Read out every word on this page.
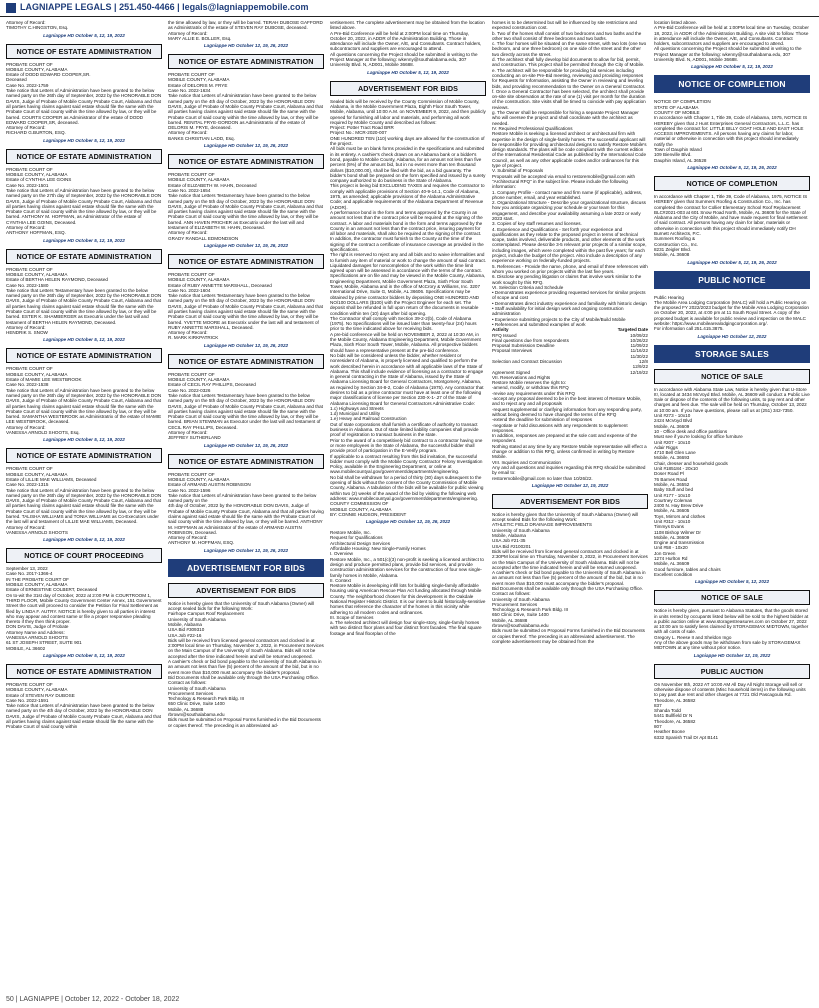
LAGNIAPPE LEGALS | 251.450-4466 | legals@lagniappemobile.com

Attorney of Record:

TIMOTHY C.HINGSTON, Esq.

Lagniappe HD October 5, 12, 19, 2022
NOTICE OF ESTATE ADMINISTRATION

PROBATE COURT OF

MOBILE COUNTY, ALABAMA

Estate of DODD EDWARD COOPER,SR.

Deceased

Case No. 2022-1759

Take notice that Letters of Administration have been granted to the below named party on the 26th day of September, 2022 by the HONORABLE DON DAVIS, Judge of Probate of Mobile County Probate Court, Alabama and that all parties having claims against said estate should file the same with the Probate Court of said county within the time allowed by law, or they will be barred. COURTS COOPER as Administrator of the estate of DODD EDWARD COOPER,SR, deceased.

Attorney of Record:

RICHARD G.BURTON, ESQ.

Lagniappe HD October 5, 12, 19, 2022
NOTICE OF ESTATE ADMINISTRATION

PROBATE COURT OF

MOBILE COUNTY, ALABAMA

Estate of CYNTHIA LEE GOINS

Case No. 2022-1501

Take notice that Letters of Administration have been granted to the below named party on the 27th day of September, 2022 by the HONORABLE DON DAVIS, Judge of Probate of Mobile County Probate Court, Alabama and that all parties having claims against said estate should file the same with the Probate Court of said county within the time allowed by law, or they will be barred. ANTHONY M. HOFFMAN, as Administrator of the estate of CYNTHIA LEE GOINS, Deceased.

Attorney of Record:

ANTHONY HOFFMAN, ESQ.

Lagniappe HD October 5, 12, 19, 2022
NOTICE OF ESTATE ADMINISTRATION

PROBATE COURT OF

MOBILE COUNTY, ALABAMA

Estate of BERTHA HELEN RAYMOND, Deceased

Case No. 2022-1580

Take notice that Letters Testamentary have been granted to the below named party on the 26th day of September, 2022 by the HONORABLE DON DAVIS, Judge of Probate of Mobile County Probate Court, Alabama and that all parties having claims against said estate should file the same with the Probate Court of said county within the time allowed by law, or they will be barred. ESTER K. SHAMBERGER as Executrix under the last will and testament of BERTHA HELEN RAYMOND, Deceased.

Attorney of Record:

HENDRIK S. SNOW

Lagniappe HD October 5, 12, 19, 2022
NOTICE OF ESTATE ADMINISTRATION

PROBATE COURT OF

MOBILE COUNTY, ALABAMA

Estate of MAMIE LEE WESTBROOK

Case No. 2022-1538

Take notice that Letters of Administration have been granted to the below named party on the 26th day of September, 2022 by the HONORABLE DON DAVIS, Judge of Probate of Mobile County Probate Court, Alabama and that all parties having claims against said estate should file the same with the Probate Court of said county within the time allowed by law, or they will be barred. SAMANTHA WESTBROOK as Administratrix of the estate of MAMIE LEE WESTBROOK, deceased.

Attorney of Record:

VANESSA ARNOLD SHOOTS, Esq.

Lagniappe HD October 5, 12, 19, 2022
NOTICE OF ESTATE ADMINISTRATION

PROBATE COURT OF

MOBILE COUNTY, ALABAMA

Estate of LILLIE MAE WILLIAMS, Deceased

Case No. 2022-1315

Take notice that Letters of Administration have been granted to the below named party on the 26th day of September, 2022 by the HONORABLE DON DAVIS, Judge of Probate of Mobile County Probate Court, Alabama and that all parties having claims against said estate should file the same with the Probate Court of said county within the time allowed by law, or they will be barred. TALISHA WILLIAMS and TONIA WILLIAMS as Co-Executors under the last will and testament of LILLIE MAE WILLIAMS, Deceased.

Attorney of Record:

VANESSA ARNOLD SHOOTS

Lagniappe HD October 5, 12, 19, 2022
NOTICE OF COURT PROCEEDING

September 13, 2022

Case No. 2017-1366-4

IN THE PROBATE COURT OF

MOBILE COUNTY, ALABAMA

Estate of ERNESTINE COLBERT, Deceased

On to-wit the 31st day of October, 2022 at 2:00 PM in COURTROOM 1, THIRD FLOOR, Mobile County Government Center Annex, 151 Government Street the court will proceed to consider the Petition for Final Settlement as filed by LINDA F. AUTRY. NOTICE is hereby given to all parties in interest who may appear and contest same or file a proper responsive pleading thereto if they then think proper.

DON DAVIS, Judge of Probate

Attorney Name and Address:

VANESSA ARNOLD SHOOTS

61 ST JOSEPH STREET, SUITE 901

MOBILE, AL 36602

Lagniappe HD October 5, 12, 19, 2022
NOTICE OF ESTATE ADMINISTRATION

PROBATE COURT OF

MOBILE COUNTY, ALABAMA

Estate of STEVEN RAY DUBOSE

Case No. 2022-1591

Take notice that Letters of Administration have been granted to the below named party on the 4th day of October, 2022 by the HONORABLE DON DAVIS, Judge of Probate of Mobile County Probate Court, Alabama and that all parties having claims against said estate should file the same with the Probate Court of said county within

the time allowed by law, or they will be barred. TERAH DUBOSE GAFFORD as Administratrix of the estate of STEVEN RAY DUBOSE, deceased.

Attorney of Record:

MARY ALLIE E. BOLLER, Esq.

Lagniappe HD October 12, 19, 26, 2022
NOTICE OF ESTATE ADMINISTRATION

PROBATE COURT OF

MOBILE COUNTY, ALABAMA

Estate of DELORIS M. FRYE

Case No. 2022-1634

Take notice that Letters of Administration have been granted to the below named party on the 4th day of October, 2022 by the HONORABLE DON DAVIS, Judge of Probate of Mobile County Probate Court, Alabama and that all parties having claims against said estate should file the same with the Probate Court of said county within the time allowed by law, or they will be barred. RENITAL FRYE-GORDON as Administratrix of the estate of DELORIS M. FRYE, deceased.

Attorney of Record:

BANKS CHRISTIAN LADD, Esq.

Lagniappe HD October 12, 19, 26, 2022
NOTICE OF ESTATE ADMINISTRATION

PROBATE COURT OF

MOBILE COUNTY, ALABAMA

Estate of ELIZABETH W. HAHN, Deceased

Case No. 2022-1654

Take notice that Letters Testamentary have been granted to the below named party on the 5th day of October, 2022 by the HONORABLE DON DAVIS, Judge of Probate of Mobile County Probate Court, Alabama and that all parties having claims against said estate should file the same with the Probate Court of said county within the time allowed by law, or they will be barred. ANN HAVEN PRICHER as Executrix under the last will and testament of ELIZABETH W. HAHN, Deceased.

Attorney of Record:

GRADY RANDALL EDMONDSON

Lagniappe HD October 12, 19, 26, 2022
NOTICE OF ESTATE ADMINISTRATION

PROBATE COURT OF

MOBILE COUNTY, ALABAMA

Estate of RUBY ANNETTE MARSHALL, Deceased

Case No. 2022-1604

Take notice that Letters Testamentary have been granted to the below named party on the 5th day of October, 2022 by the HONORABLE DON DAVIS, Judge of Probate of Mobile County Probate Court, Alabama and that all parties having claims against said estate should file the same with the Probate Court of said county within the time allowed by law, or they will be barred. YVETTE MOORE as Executrix under the last will and testament of RUBY ANNETTE MARSHALL, Deceased.

Attorney of Record:

R. MARK KIRKPATRICK

Lagniappe HD October 12, 19, 26, 2022
NOTICE OF ESTATE ADMINISTRATION

PROBATE COURT OF

MOBILE COUNTY, ALABAMA

Estate of CECIL RAY PHILLIPS, Deceased

Case No. 2022-0326

Take notice that Letters Testamentary have been granted to the below named party on the 5th day of October, 2022 by the HONORABLE DON DAVIS, Judge of Probate of Mobile County Probate Court, Alabama and that all parties having claims against said estate should file the same with the Probate Court of said county within the time allowed by law, or they will be barred. BRIAN STEWMAN as Executor under the last will and testament of CECIL RAY PHILLIPS, Deceased.

Attorney of Record:

JEFFREY SUTHERLAND

Lagniappe HD October 12, 19, 26, 2022
NOTICE OF ESTATE ADMINISTRATION

PROBATE COURT OF

MOBILE COUNTY, ALABAMA

Estate of ARMAND AUSTIN ROBINSON

Case No. 2022-1596

Take notice that Letters of Administration have been granted to the below named party on the

4th day of October, 2022 by the HONORABLE DON DAVIS, Judge of Probate of Mobile County Probate Court, Alabama and that all parties having claims against said estate should file the same with the Probate Court of said county within the time allowed by law, or they will be barred. ANTHONY M. HOFFMAN as Administrator of the estate of ARMAND AUSTIN ROBINSON, Deceased.

Attorney of Record:

ANTHONY M. HOFFMAN, ESQ.

Lagniappe HD October 12, 19, 26, 2022
ADVERTISEMENT FOR BIDS
ADVERTISEMENT FOR BIDS

Notice is hereby given that the University of South Alabama (Owner) will accept sealed bids for the following Work:

Fairhope Campus Roof Replacement

University of South Alabama

Mobile, Alabama

USA Bid #309310

USA Job #22-16

Bids will be received from licensed general contractors and clocked in at 2:00PM local time on Thursday, November 3, 2022, in Procurement Services on the Main Campus of the University of South Alabama. Bids will not be accepted after the time indicated herein and will be returned unopened.

A cashier's check or bid bond payable to the University of South Alabama in an amount not less than five (5) percent of the amount of the bid, but in no event more than $10,000 must accompany the bidder's proposal.

Bid Documents shall be available only through the USA Purchasing Office. Contact as follows:

University of South Alabama

Procurement Services

Technology & Research Park Bldg. III

650 Clinic Drive, Suite 1400

Mobile, AL 36688

rbrown@southalabama.edu

Bids must be submitted on Proposal Forms furnished in the Bid Documents or copies thereof. The preceding is an abbreviated ad-

vertisement. The complete advertisement may be obtained from the location listed above.

A Pre-Bid Conference will be held at 2:00PM local time on Thursday, October 20, 2022, in ADDR of the Administration Building. Those in attendance will include the Owner, A/E, and Consultants. Contract holders, subcontractors and suppliers are encouraged to attend.

All questions concerning the Project should be submitted in writing to the Project Manager at the following: wkenny@southalabama.edu, 307 University Blvd. N, AD001, Mobile 36688.

Lagniappe HD October 5, 12, 19, 2022
ADVERTISEMENT FOR BIDS

Sealed bids will be received by the County Commission of Mobile County, Alabama, in the Mobile Government Plaza, Eighth Floor South Tower, Mobile, Alabama, until 10:00 A.M. on NOVEMBER 9, 2022, and then publicly opened for furnishing all labor and materials, and performing all work required by Mobile County and described as follows:

Project: Potter Tract Road BRR

Project No.: MCR-2020-007

ONE HUNDRED TEN (110) working days are allowed for the construction of the project.

All bids must be on blank forms provided in the specifications and submitted in its entirety. A cashier's check drawn on an Alabama bank or a bidder's bond, payable to Mobile County, Alabama, for an amount not less than five percent (5%) of the amount bid, but in no event more than ten thousand dollars ($10,000.00), shall be filed with the bid, as a bid guaranty. The bidder's bond shall be prepared on the form specified and issued by a surety company authorized to do business in the State of Alabama.

This project is being bid EXCLUDING TAXES and requires the Contractor to comply with applicable provisions of Section 40-9-14.1, Code of Alabama, 1975, as amended; applicable provisions of the Alabama Administrative Code; and applicable requirements of the Alabama Department of Revenue (ADOR).

A performance bond in the form and terms approved by the County in an amount not less than the contract price will be required at the signing of the contract. A labor and materials bond in the form and terms approved by the County in an amount not less than the contract price, insuring payment for all labor and materials, shall also be required at the signing of the contract. In addition, the contractor must furnish to the County at the time of the signing of the contract a certificate of insurance coverage as provided in the specifications.

The right is reserved to reject any and all bids and to waive informalities and to furnish any item of material or work to change the amount of said contract.

Liquidated damages for noncompletion of the work within the time limit agreed upon will be assessed in accordance with the terms of the contract.

Specifications are on file and may be viewed in the Mobile County, Alabama, Engineering Department, Mobile Government Plaza, Sixth Floor South Tower, Mobile, Alabama and in the office of McCrory & Williams, Inc. 3207 International Drive, Suite G, Mobile, AL 36606. Specifications may be obtained by prime contractor bidders by depositing ONE HUNDRED AND NO/100 DOLLARS ($100) with the Project Engineer for each set. The deposit shall be refunded in full upon return of the documents in reusable condition within ten (10) days after bid opening.

The Contractor shall comply with Section 39-2-2(b), Code of Alabama (1975). No Specifications will be issued later than twenty-four (24) hours prior to the time indicated above for receiving bids.

A pre-bid conference will be held on NOVEMBER 2, 2022 at 10:30 AM, in the Mobile County, Alabama Engineering Department, Mobile Government Plaza, Sixth Floor South Tower, Mobile, Alabama. All prospective bidders should have a representative present at the pre-bid conference.

No bids will be considered unless the bidder, whether resident or nonresident of Alabama, is properly licensed and qualified to perform the work described herein in accordance with all applicable laws of the State of Alabama. This shall include evidence of licensing as a contractor to engage in general contracting in the State of Alabama, issued by the State of Alabama Licensing Board for General Contractors, Montgomery, Alabama, as required by Section 34-8-2, Code of Alabama (1975). Any contractor that desires to bid as a prime contractor must have at least one of the following major classifications of license per Section 230-X-1-.27 of the State of Alabama Licensing Board for General Contractors Administrative Code:

1.c) Highways and Streets

1.d) Municipal and Utility

1.e) Heavy and Railroad Construction

Out of state corporations shall furnish a certificate of authority to transact business in Alabama. Out of state limited liability companies shall provide proof of registration to transact business in the state.

Prior to the award of a competitively bid contract to a contractor having one or more employees in the State of Alabama, the successful bidder shall provide proof of participation in the E-Verify program.

If applicable to a contract resulting from this bid invitation, the successful bidder must comply with the Mobile County Contractor Felony Investigation Policy, available in the Engineering Department, or online at www.mobilecountyal.gov/government/departments/engineering.

No bid shall be withdrawn for a period of thirty (30) days subsequent to the opening of bids without the consent of the County Commission of Mobile County, Alabama. A tabulation of the bids will be available for public viewing within two (2) weeks of the award of the bid by visiting the following web address: www.mobilecountyal.gov/government/departments/engineering.

COUNTY COMMISSION OF

MOBILE COUNTY, ALABAMA

BY: CONNIE HUDSON, PRESIDENT

Lagniappe HD October 12, 19, 26, 2022

Restore Mobile, Inc.

Request for Qualifications

Architectural Design Services

Affordable Housing: New Single-Family Homes

I. Overview

Restore Mobile, Inc., a 501(c)(3) non-profit is seeking a licensed architect to design and produce permitted plans, provide bid services, and provide construction administration services for the construction of four new single-family homes in Mobile, Alabama.

II. Context

Restore Mobile is developing infill lots for building single-family affordable housing using American Rescue Plan Act funding allocated through Mobile County. The neighborhood chosen for this development is the Oakdale National Register Historic District. It is our intent to build historically-sensitive homes that reference the character of the homes in this vicinity while adhering to all modern codes and ordinances.

III. Scope of Services

a. The selected architect will design four single-story, single-family homes with two distinct floor plans and four distinct front facades. The final square footage and final floorplan of the

homes is to be determined but will be influenced by site restrictions and expected construction cost.

b. Two of the homes shall consist of two bedrooms and two baths and the other two shall consist of three bedrooms and two baths.

c. The four homes will be situated on the same street, with two lots (one two bedroom, and one three bedroom) on one side of the street and the other two directly across the street.

d. The architect shall fully develop bid documents to allow for bid, permit, and construction. This project shall be permitted through the City of Mobile.

e. The architect will be responsible for providing bid services including conducting an on-site Pre-Bid meeting, reviewing and providing responses for Requests for Information, assisting the Owner in reviewing and leveling bids, and providing recommendation to the Owner on a General Contractor.

f. Once a General Contractor has been selected, the architect shall provide on-site site observation at the rate of one (1) visit per month for the duration of the construction. Site visits shall be timed to coincide with pay application reviews.

g. The Owner shall be responsible for hiring a separate Project Manager who will oversee the project and shall coordinate with the architect as needed.

IV. Required Professional Qualifications

Restore Mobile is seeking a licensed architect or architectural firm with expertise in the design of single-family homes. The successful applicant will be responsible for providing architectural designs to satisfy Restore Mobile's design standards. The plans will be code compliant with the current edition of the International Residential Code as published by the International Code Council, as well as any other applicable codes and/or ordinances for this type of project.

V. Submittal of Proposals

Proposals will be accepted via email to restoremobile@gmail.com with "Architectural RFQ" in the subject line. Please include the following information:

1. Company Profile - contact name and firm name (if applicable), address, phone number, email, and year established.

2. Organizational Structure - Describe your organizational structure, discuss how you anticipate organizing your schedule or your team for this engagement, and describe your availability assuming a late 2022 or early 2023 start.

3. Copies of key staff resumes and licenses.

4. Experience and Qualifications - Set forth your experience and qualifications as they relate to the proposed project in terms of technical scope, tasks involved, deliverable products, and other elements of the work contemplated. Please describe 3-5 relevant prior projects of a similar scope, including images, which were completed within the past five years; for each project, include the budget of the project. Also include a description of any experience working on federally-funded projects.

5. References - Provide the name, phone, and email of three references with whom you worked on prior projects within the last five years.

6. Disclose any pending litigation or claims that involve work similar to the work sought by this RFQ.

VI. Selection Criteria and Schedule

• Demonstrates experience providing requested services for similar projects of scope and cost

• Demonstrates direct industry experience and familiarity with historic design

• Staff availability for initial design work and ongoing construction administration

• Experience submitting projects to the City of Mobile/Build Mobile

• References and submitted examples of work

Activity	Targeted Date
RFQ Issued	10/09/22
Final questions due from respondents	10/26/22
Proposal Submission Deadline	11/09/22
Proposal Interviews	11/16/22
	11/30/22
Selection and Contract Discussion	12/8
	12/9/22
Agreement Signed	12/19/22

VII. Reservations and Rights

Restore Mobile reserves the right to:

-amend, modify, or withdraw this RFQ

-revise any requirements under this RFQ

-accept any proposal deemed to be in the best interest of Restore Mobile, and to reject any and all proposals

-request supplemental or clarifying information from any responding party, without being deemed to have changed the terms of the RFQ

-extend the deadline for submission of responses

-negotiate or hold discussions with any respondents to supplement responses.

In addition, responses are prepared at the sole cost and expense of the respondent.

Nothing stated at any time by any Restore Mobile representative will effect a change or addition to this RFQ, unless confirmed in writing by Restore Mobile.

VIII. Inquiries and Communication

Any and all questions and inquiries regarding this RFQ should be submitted by email to:

restoremobile@gmail.com no later than 10/26/22.

Lagniappe HD October 12, 19, 2022
ADVERTISEMENT FOR BIDS

Notice is hereby given that the University of South Alabama (Owner) will accept sealed Bids for the following Work:

ATHLETIC FIELD DRAINAGE IMPROVEMENTS

University of South Alabama

Mobile, Alabama

USA Job #21-35

USA Bid #2100201

Bids will be received from licensed general contractors and clocked in at 2:30PM local time on Thursday, November 3, 2022, in Procurement Services on the Main Campus of the University of South Alabama. Bids will not be accepted after the time indicated herein and will be returned unopened.

A cashier's check or bid bond payable to the University of South Alabama in an amount not less than five (5) percent of the amount of the bid, but in no event more than $10,000 must accompany the bidder's proposal.

Bid Documents shall be available only through the USA Purchasing Office. Contact as follows:

University of South Alabama

Procurement Services

Technology & Research Park Bldg. III

650 Clinic Drive, Suite 1400

Mobile, AL 36688

rbrown@southalabama.edu

Bids must be submitted on Proposal Forms furnished in the Bid Documents or copies thereof. The preceding is an abbreviated advertisement. The complete advertisement may be obtained from the

location listed above.

A Pre-Bid Conference will be held at 1:00PM local time on Tuesday, October 18, 2022, in ADDR of the Administration Building. A site visit to follow. Those in attendance will include the Owner, A/E, and Consultants. Contract holders, subcontractors and suppliers are encouraged to attend.

All questions concerning the Project should be submitted in writing to the Project Manager at the following: wkenny@southalabama.edu, 307 University Blvd. N, AD001, Mobile 36688.

Lagniappe HD October 5, 12, 19, 2022
NOTICE OF COMPLETION

NOTICE OF COMPLETION

STATE OF ALABAMA

COUNTY OF MOBILE

In accordance with Chapter 1, Title 39, Code of Alabama, 1975, NOTICE IS HEREBY given that J Hunt Enterprises General Contractors, L.L.C. has completed the contract for: LITTLE BILLY GOAT HOLE AND EAST HOLE ACCESS IMPROVEMENTS. All persons having any claims for labor, material or otherwise in connection with this project should immediately notify the

Town of Dauphin Island

109 Bienville Blvd.

Dauphin Island, AL 36528

Lagniappe HD October 5, 12, 19, 26, 2022
NOTICE OF COMPLETION

In accordance with Chapter 1, Title 39, Code of Alabama, 1975, NOTICE IS HEREBY given that Summers Roofing & Construction Co., Inc. has completed the contract for Collier Elementary School Roof Replacement BLC#2021-003 at 601 Snow Road North, Mobile, AL 36608 for the State of Alabama and the City of Mobile, and have made request for final settlement of said contract. All persons having any claim for labor, materials or otherwise in connection with this project should immediately notify DH Burnett Architects, P.C.

Summers Roofing &

Construction Co., Inc.

8231 Zeigler Blvd.

Mobile, AL 36608

Lagniappe HD October 5, 12, 19, 26, 2022
PUBLIC NOTICE

Public Hearing

The Mobile Area Lodging Corporation (MALC) will hold a Public Hearing on the proposed FY 2022/2023 budget for the Mobile Area Lodging Corporation on October 20, 2022, at 4:00 pm at 11 South Royal Street. A copy of the proposed budget is available for public review and inspection on the MALC website: https://www.mobilearealodgingcorporation.org/.

For information call 251.415.3875.

Lagniappe HD October 12, 2022
STORAGE SALES
NOTICE OF SALE

In accordance with Alabama State Law, Notice is hereby given that U-Store It!, located at 3434 McVoyd Blvd. Mobile, AL 36609 will conduct a Public Live Sale or dispose of the contents of the following units, to pay rent and other charges and fees due. The sale will be held on Thursday, October 13, 2022 at 10:00 am. If you have questions, please call us at (251) 342-7350.

Unit #273 - 10x10

2424 McVoyd Blvd

Mobile, AL 36609

10 - Office desk and office partitions

Must see if you're looking for office furniture

Unit #207 - 10x10

Adair Riggs

4710 Bell Glen Lane

Mobile, AL 36693

Chair, dresser and household goods

Unit #185184 - 20x10

Doser Road Pl

76 Barnes Road

Mobile, AL 36552

Baby Stuff and bed

Unit #177 - 10x10

Courtney Coleman

2400 N. Hay Brew Drive

Mobile, AL 36605

Toys, Mirrors and clothes

Unit #312 - 10x10

Timmys Evans

1108 Bishop Wilmer Dr

Mobile, AL 36609

Engine and transmission

Unit #58 - 10x20

Jon Green

1274 Hurlton Rd

Mobile, AL 36609

Good furniture, tables and chairs

Excellent condition

Lagniappe HD October 5, 12, 2022
NOTICE OF SALE

Notice is hereby given, pursuant to Alabama Statutes, that the goods stored in units rented by occupants listed below will be sold to the highest bidder at a public auction online at www.storagestreasures.com on October 27, 2022 at 10:00 am to satisfy liens claimed by STORAGEMAX MIDTOWN, together with all costs of sale.

Gregory L. Reese II and Sheldon Ingo

Any of the above goods may be withdrawn from sale by STORAGEMAX MIDTOWN at any time without prior notice.

Lagniappe HD October 12, 19, 2022
PUBLIC AUCTION

On November 8th, 2022 AT 10:00 AM All Day All Night Storage will sell or otherwise dispose of contents (Misc household items) in the following units to pay past due rent and other charges at 7721 Old Pascagoula Rd. Theodore, AL 36582

837

Shanda Todd

5441 Bullfield Dr N

Theodore, AL 36582

807

Heather Boone

6332 Spanish Trail Dr Apt B141

50 | LAGNIAPPE | October 12, 2022 - October 18, 2022
